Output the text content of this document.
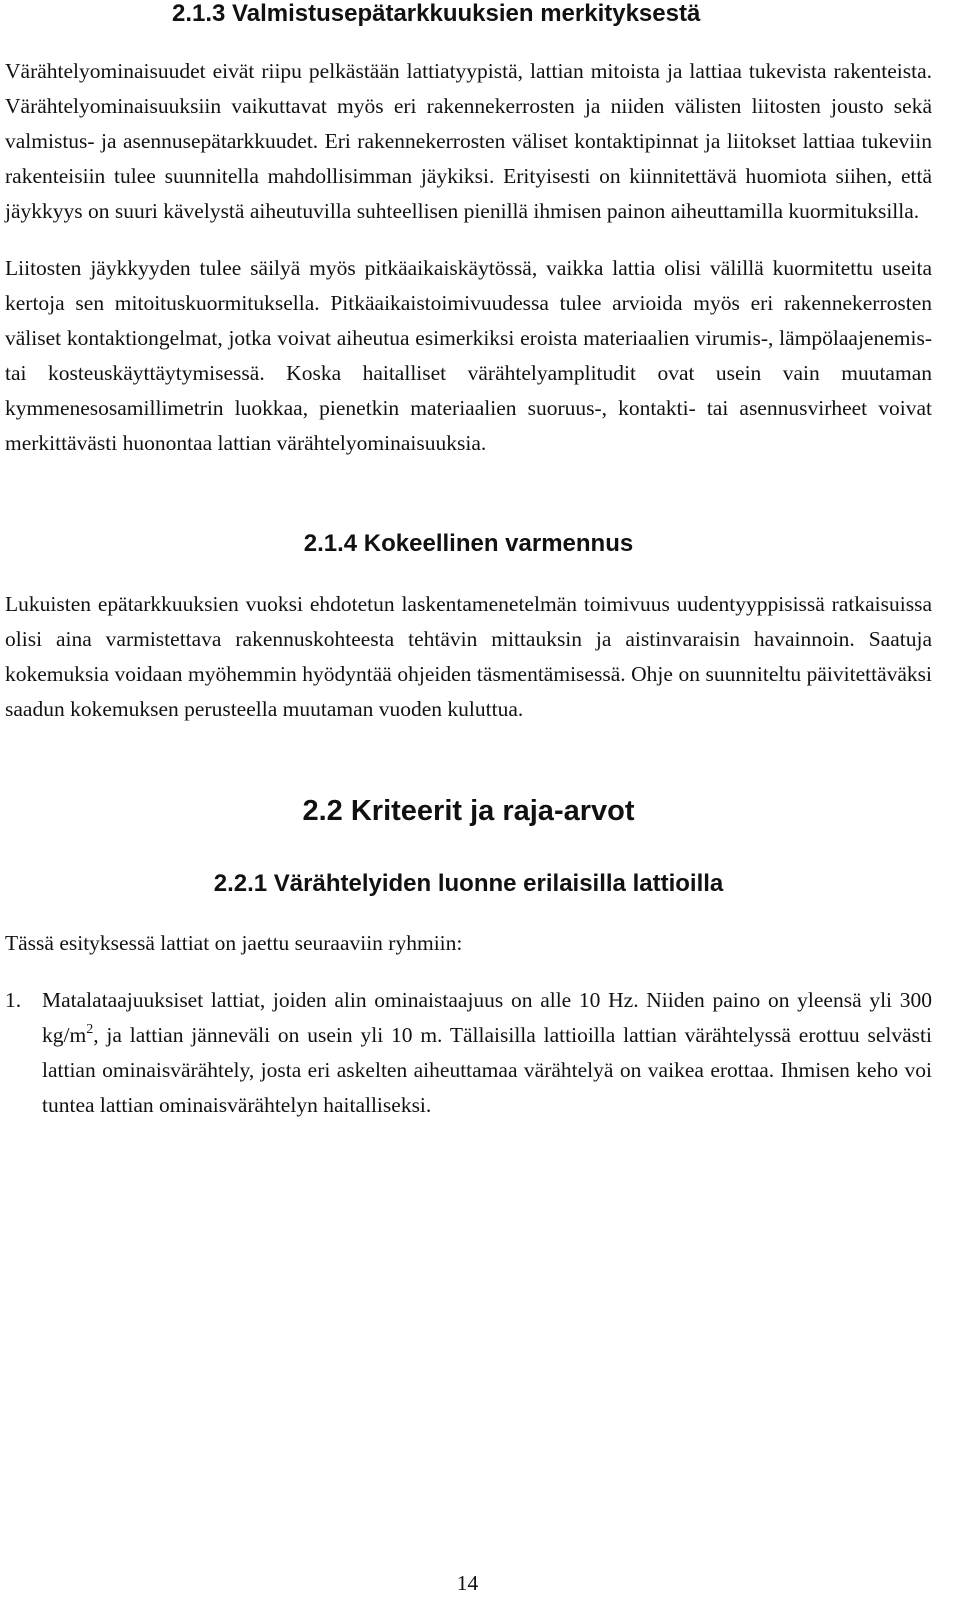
2.1.3 Valmistusepätarkkuuksien merkityksestä

Värähtelyominaisuudet eivät riipu pelkästään lattiatyypistä, lattian mitoista ja lattiaa tukevista rakenteista. Värähtelyominaisuuksiin vaikuttavat myös eri rakennekerrosten ja niiden välisten liitosten jousto sekä valmistus- ja asennusepätarkkuudet. Eri rakennekerrosten väliset kontaktipinnat ja liitokset lattiaa tukeviin rakenteisiin tulee suunnitella mahdollisimman jäykiksi. Erityisesti on kiinnitettävä huomiota siihen, että jäykkyys on suuri kävelystä aiheutuvilla suhteellisen pienillä ihmisen painon aiheuttamilla kuormituksilla.

Liitosten jäykkyyden tulee säilyä myös pitkäaikaiskäytössä, vaikka lattia olisi välillä kuormitettu useita kertoja sen mitoituskuormituksella. Pitkäaikaistoimivuudessa tulee arvioida myös eri rakennekerrosten väliset kontaktiongelmat, jotka voivat aiheutua esimerkiksi eroista materiaalien virumis-, lämpölaajenemis- tai kosteuskäyttäytymisessä. Koska haitalliset värähtelyamplitudit ovat usein vain muutaman kymmenesosamillimetrin luokkaa, pienetkin materiaalien suoruus-, kontakti- tai asennusvirheet voivat merkittävästi huonontaa lattian värähtelyominaisuuksia.

2.1.4 Kokeellinen varmennus

Lukuisten epätarkkuuksien vuoksi ehdotetun laskentamenetelmän toimivuus uudentyyppisissä ratkaisuissa olisi aina varmistettava rakennuskohteesta tehtävin mittauksin ja aistinvaraisin havainnoin. Saatuja kokemuksia voidaan myöhemmin hyödyntää ohjeiden täsmentämisessä. Ohje on suunniteltu päivitettäväksi saadun kokemuksen perusteella muutaman vuoden kuluttua.

2.2 Kriteerit ja raja-arvot
2.2.1 Värähtelyiden luonne erilaisilla lattioilla

Tässä esityksessä lattiat on jaettu seuraaviin ryhmiin:

1. Matalataajuuksiset lattiat, joiden alin ominaistaajuus on alle 10 Hz. Niiden paino on yleensä yli 300 $kg/m^2$, ja lattian jänneväli on usein yli 10 m. Tällaisilla lattioilla lattian värähtelyssä erottuu selvästi lattian ominaisvärähtely, josta eri askelten aiheuttamaa värähtelyä on vaikea erottaa. Ihmisen keho voi tuntea lattian ominaisvärähtelyn haitalliseksi.
14
